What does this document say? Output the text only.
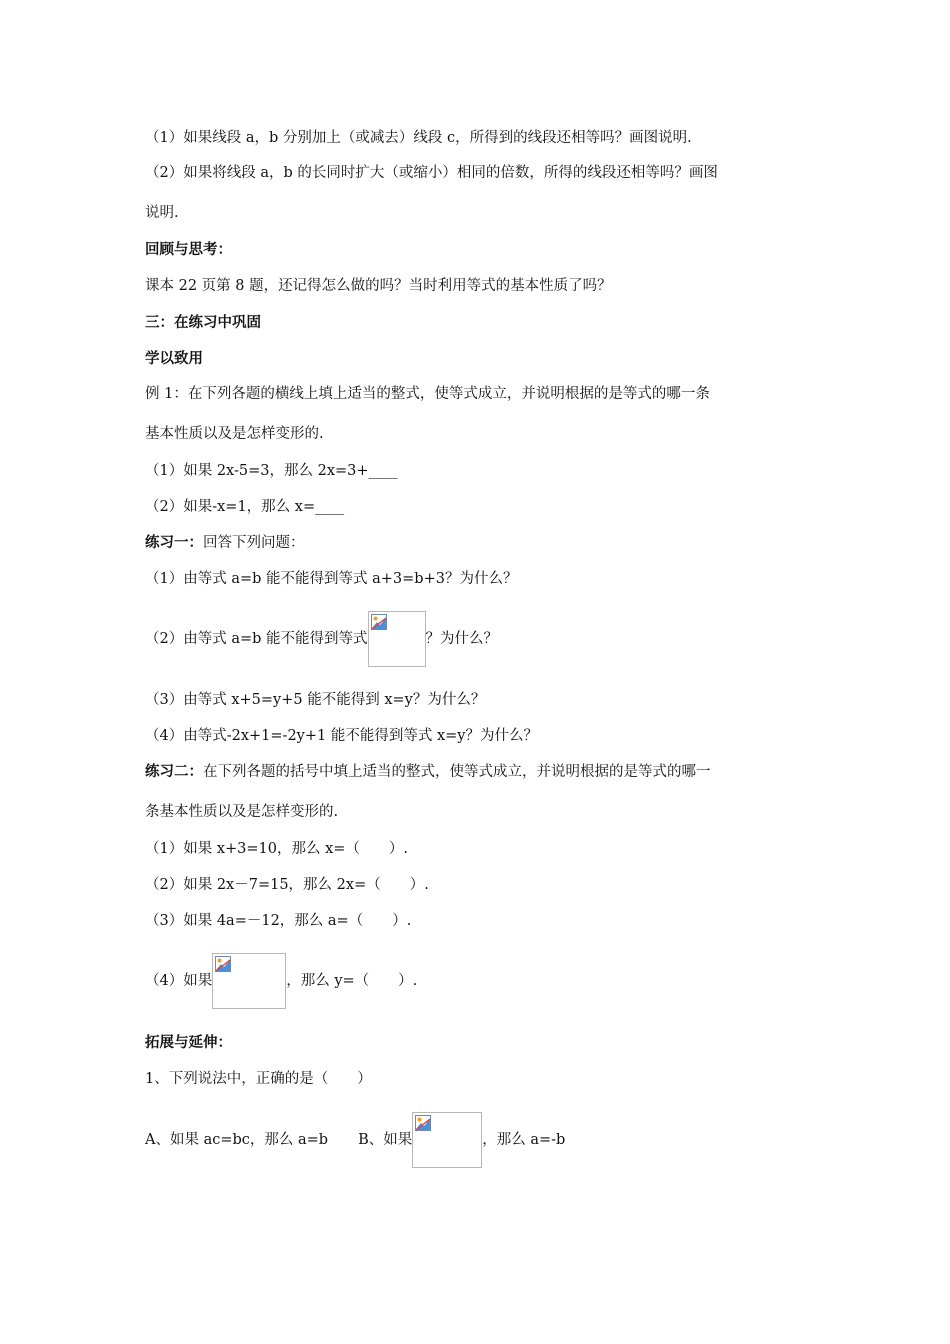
（1）如果线段 a，b 分别加上（或减去）线段 c，所得到的线段还相等吗？画图说明.
（2）如果将线段 a，b 的长同时扩大（或缩小）相同的倍数，所得的线段还相等吗？画图
说明.
回顾与思考：
课本 22 页第 8 题，还记得怎么做的吗？当时利用等式的基本性质了吗？
三：在练习中巩固
学以致用
例 1：在下列各题的横线上填上适当的整式，使等式成立，并说明根据的是等式的哪一条
基本性质以及是怎样变形的.
（1）如果 2x-5=3，那么 2x=3+____
（2）如果-x=1，那么 x=____
练习一：回答下列问题：
（1）由等式 a=b 能不能得到等式 a+3=b+3？为什么？
（2）由等式 a=b 能不能得到等式	？为什么？
（3）由等式 x+5=y+5 能不能得到 x=y？为什么？
（4）由等式-2x+1=-2y+1 能不能得到等式 x=y？为什么？
练习二：在下列各题的括号中填上适当的整式，使等式成立，并说明根据的是等式的哪一
条基本性质以及是怎样变形的.
（1）如果 x+3=10，那么 x=（　　）.
（2）如果 2x－7=15，那么 2x=（　　）.
（3）如果 4a=－12，那么 a=（　　）.
（4）如果	，那么 y=（　　）.
拓展与延伸：
1、下列说法中，正确的是（　　）
A、如果 ac=bc，那么 a=b B、如果	，那么 a=-b
